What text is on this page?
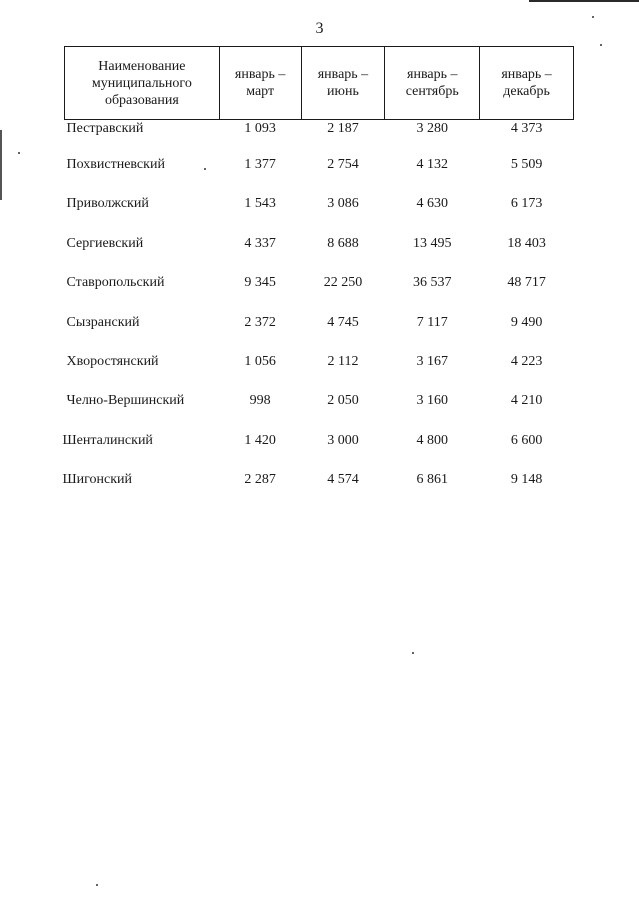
3
Наименование муниципального образования	январь – март	январь – июнь	январь – сентябрь	январь – декабрь
Пестравский	1 093	2 187	3 280	4 373
Похвистневский	1 377	2 754	4 132	5 509
Приволжский	1 543	3 086	4 630	6 173
Сергиевский	4 337	8 688	13 495	18 403
Ставропольский	9 345	22 250	36 537	48 717
Сызранский	2 372	4 745	7 117	9 490
Хворостянский	1 056	2 112	3 167	4 223
Челно-Вершинский	998	2 050	3 160	4 210
Шенталинский	1 420	3 000	4 800	6 600
Шигонский	2 287	4 574	6 861	9 148
